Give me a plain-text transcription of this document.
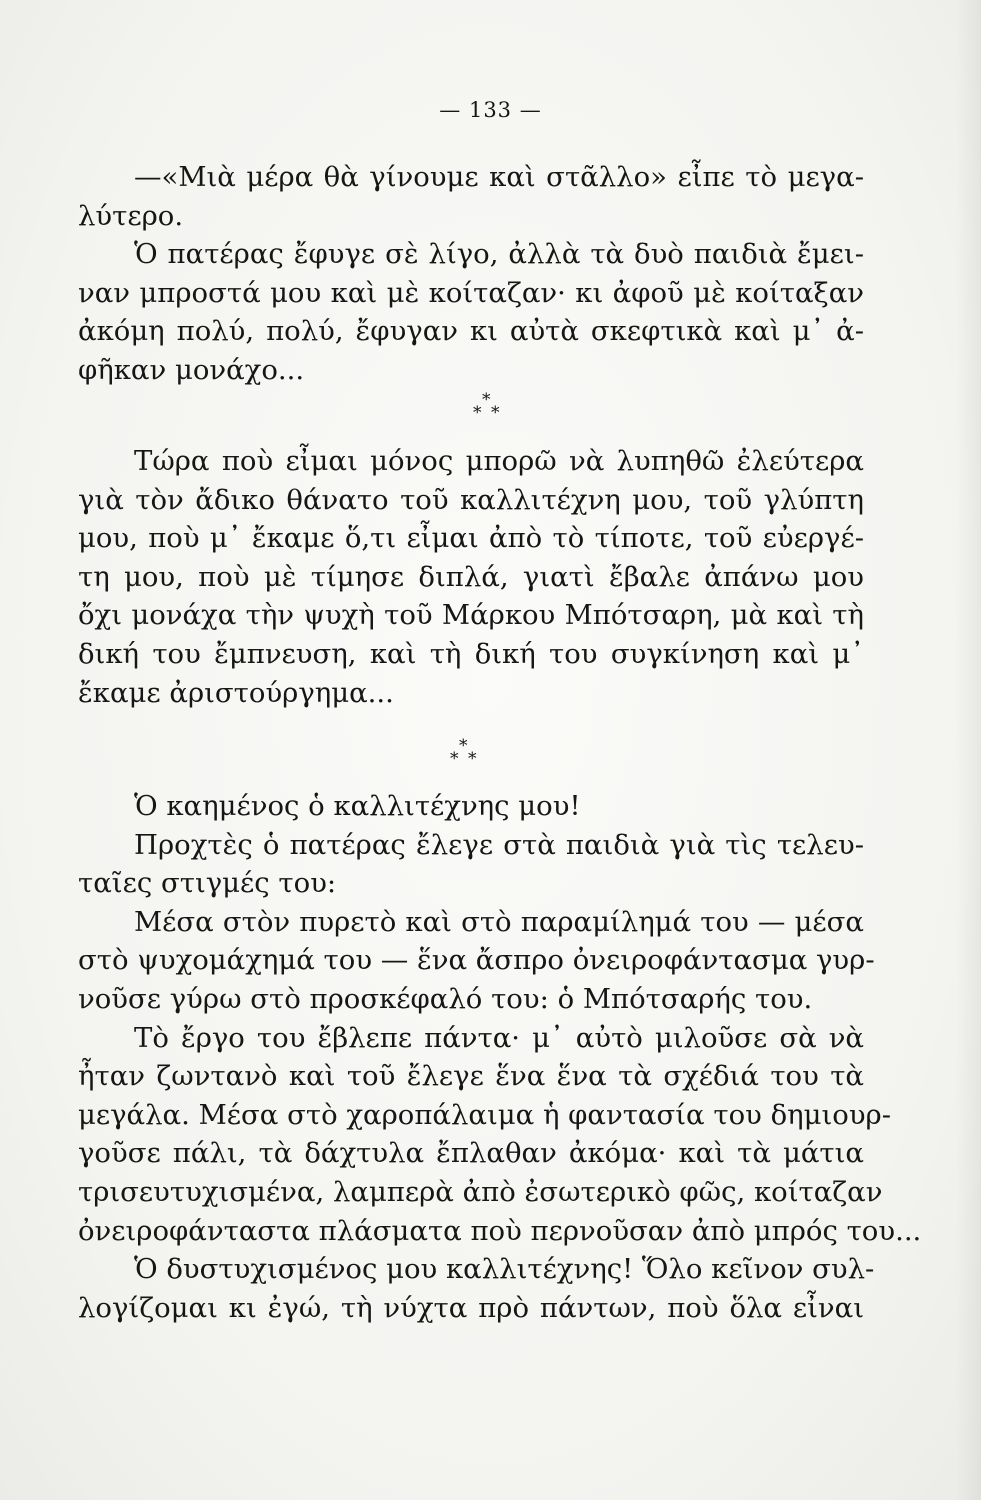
— 133 —
—«Μιὰ μέρα θὰ γίνουμε καὶ στᾶλλο» εἶπε τὸ μεγα-
λύτερο.
Ὁ πατέρας ἔφυγε σὲ λίγο, ἀλλὰ τὰ δυὸ παιδιὰ ἔμει-
ναν μπροστά μου καὶ μὲ κοίταζαν· κι ἀφοῦ μὲ κοίταξαν
ἀκόμη πολύ, πολύ, ἔφυγαν κι αὐτὰ σκεφτικὰ καὶ μ᾽ ἀ-
φῆκαν μονάχο...
*
* *
Τώρα ποὺ εἶμαι μόνος μπορῶ νὰ λυπηθῶ ἐλεύτερα
γιὰ τὸν ἄδικο θάνατο τοῦ καλλιτέχνη μου, τοῦ γλύπτη
μου, ποὺ μ᾽ ἔκαμε ὅ,τι εἶμαι ἀπὸ τὸ τίποτε, τοῦ εὐεργέ-
τη μου, ποὺ μὲ τίμησε διπλά, γιατὶ ἔβαλε ἀπάνω μου
ὄχι μονάχα τὴν ψυχὴ τοῦ Μάρκου Μπότσαρη, μὰ καὶ τὴ
δική του ἔμπνευση, καὶ τὴ δική του συγκίνηση καὶ μ᾽
ἔκαμε ἀριστούργημα...
*
* *
Ὁ καημένος ὁ καλλιτέχνης μου!
Προχτὲς ὁ πατέρας ἔλεγε στὰ παιδιὰ γιὰ τὶς τελευ-
ταῖες στιγμές του:
Μέσα στὸν πυρετὸ καὶ στὸ παραμίλημά του — μέσα
στὸ ψυχομάχημά του — ἕνα ἄσπρο ὀνειροφάντασμα γυρ-
νοῦσε γύρω στὸ προσκέφαλό του: ὁ Μπότσαρής του.
Τὸ ἔργο του ἔβλεπε πάντα· μ᾽ αὐτὸ μιλοῦσε σὰ νὰ
ἦταν ζωντανὸ καὶ τοῦ ἔλεγε ἕνα ἕνα τὰ σχέδιά του τὰ
μεγάλα. Μέσα στὸ χαροπάλαιμα ἡ φαντασία του δημιουρ-
γοῦσε πάλι, τὰ δάχτυλα ἔπλαθαν ἀκόμα· καὶ τὰ μάτια
τρισευτυχισμένα, λαμπερὰ ἀπὸ ἐσωτερικὸ φῶς, κοίταζαν
ὀνειροφάνταστα πλάσματα ποὺ περνοῦσαν ἀπὸ μπρός του...
Ὁ δυστυχισμένος μου καλλιτέχνης! Ὅλο κεῖνον συλ-
λογίζομαι κι ἐγώ, τὴ νύχτα πρὸ πάντων, ποὺ ὅλα εἶναι
